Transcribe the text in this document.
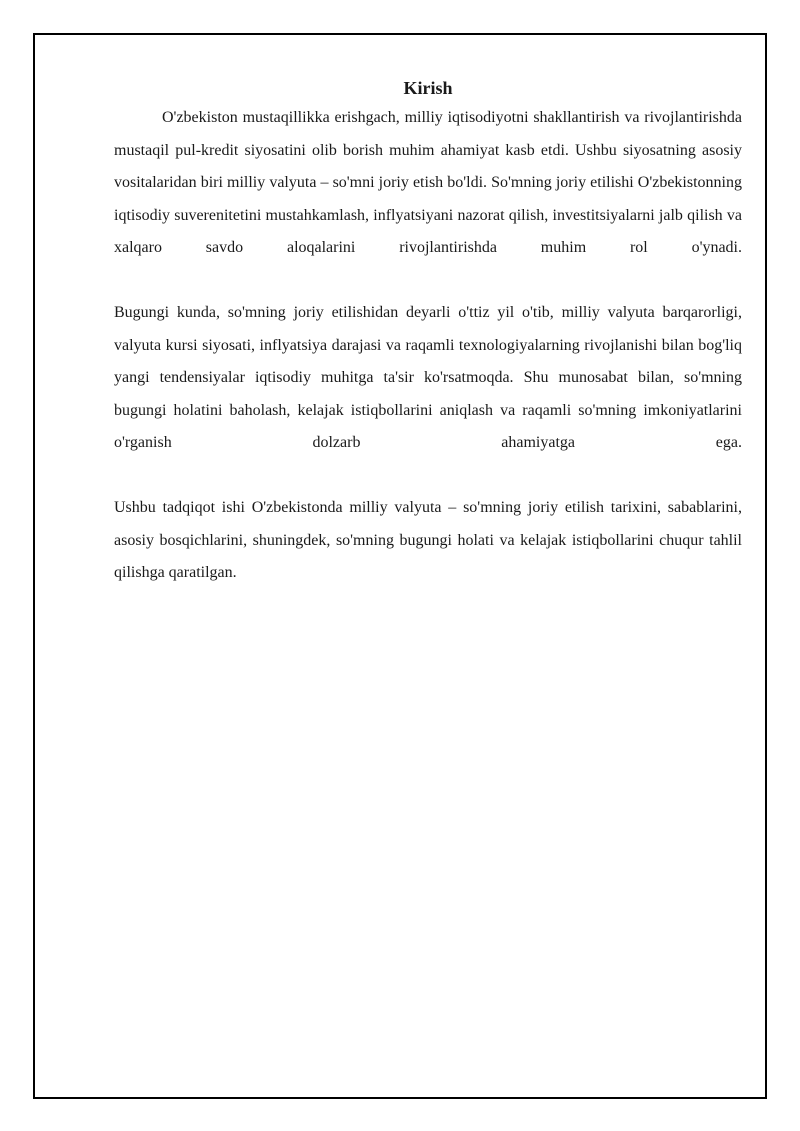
Kirish

O'zbekiston mustaqillikka erishgach, milliy iqtisodiyotni shakllantirish va rivojlantirishda mustaqil pul-kredit siyosatini olib borish muhim ahamiyat kasb etdi. Ushbu siyosatning asosiy vositalaridan biri milliy valyuta – so'mni joriy etish bo'ldi. So'mning joriy etilishi O'zbekistonning iqtisodiy suverenitetini mustahkamlash, inflyatsiyani nazorat qilish, investitsiyalarni jalb qilish va xalqaro savdo aloqalarini rivojlantirishda muhim rol o'ynadi.

Bugungi kunda, so'mning joriy etilishidan deyarli o'ttiz yil o'tib, milliy valyuta barqarorligi, valyuta kursi siyosati, inflyatsiya darajasi va raqamli texnologiyalarning rivojlanishi bilan bog'liq yangi tendensiyalar iqtisodiy muhitga ta'sir ko'rsatmoqda. Shu munosabat bilan, so'mning bugungi holatini baholash, kelajak istiqbollarini aniqlash va raqamli so'mning imkoniyatlarini o'rganish dolzarb ahamiyatga ega.

Ushbu tadqiqot ishi O'zbekistonda milliy valyuta – so'mning joriy etilish tarixini, sabablarini, asosiy bosqichlarini, shuningdek, so'mning bugungi holati va kelajak istiqbollarini chuqur tahlil qilishga qaratilgan.
